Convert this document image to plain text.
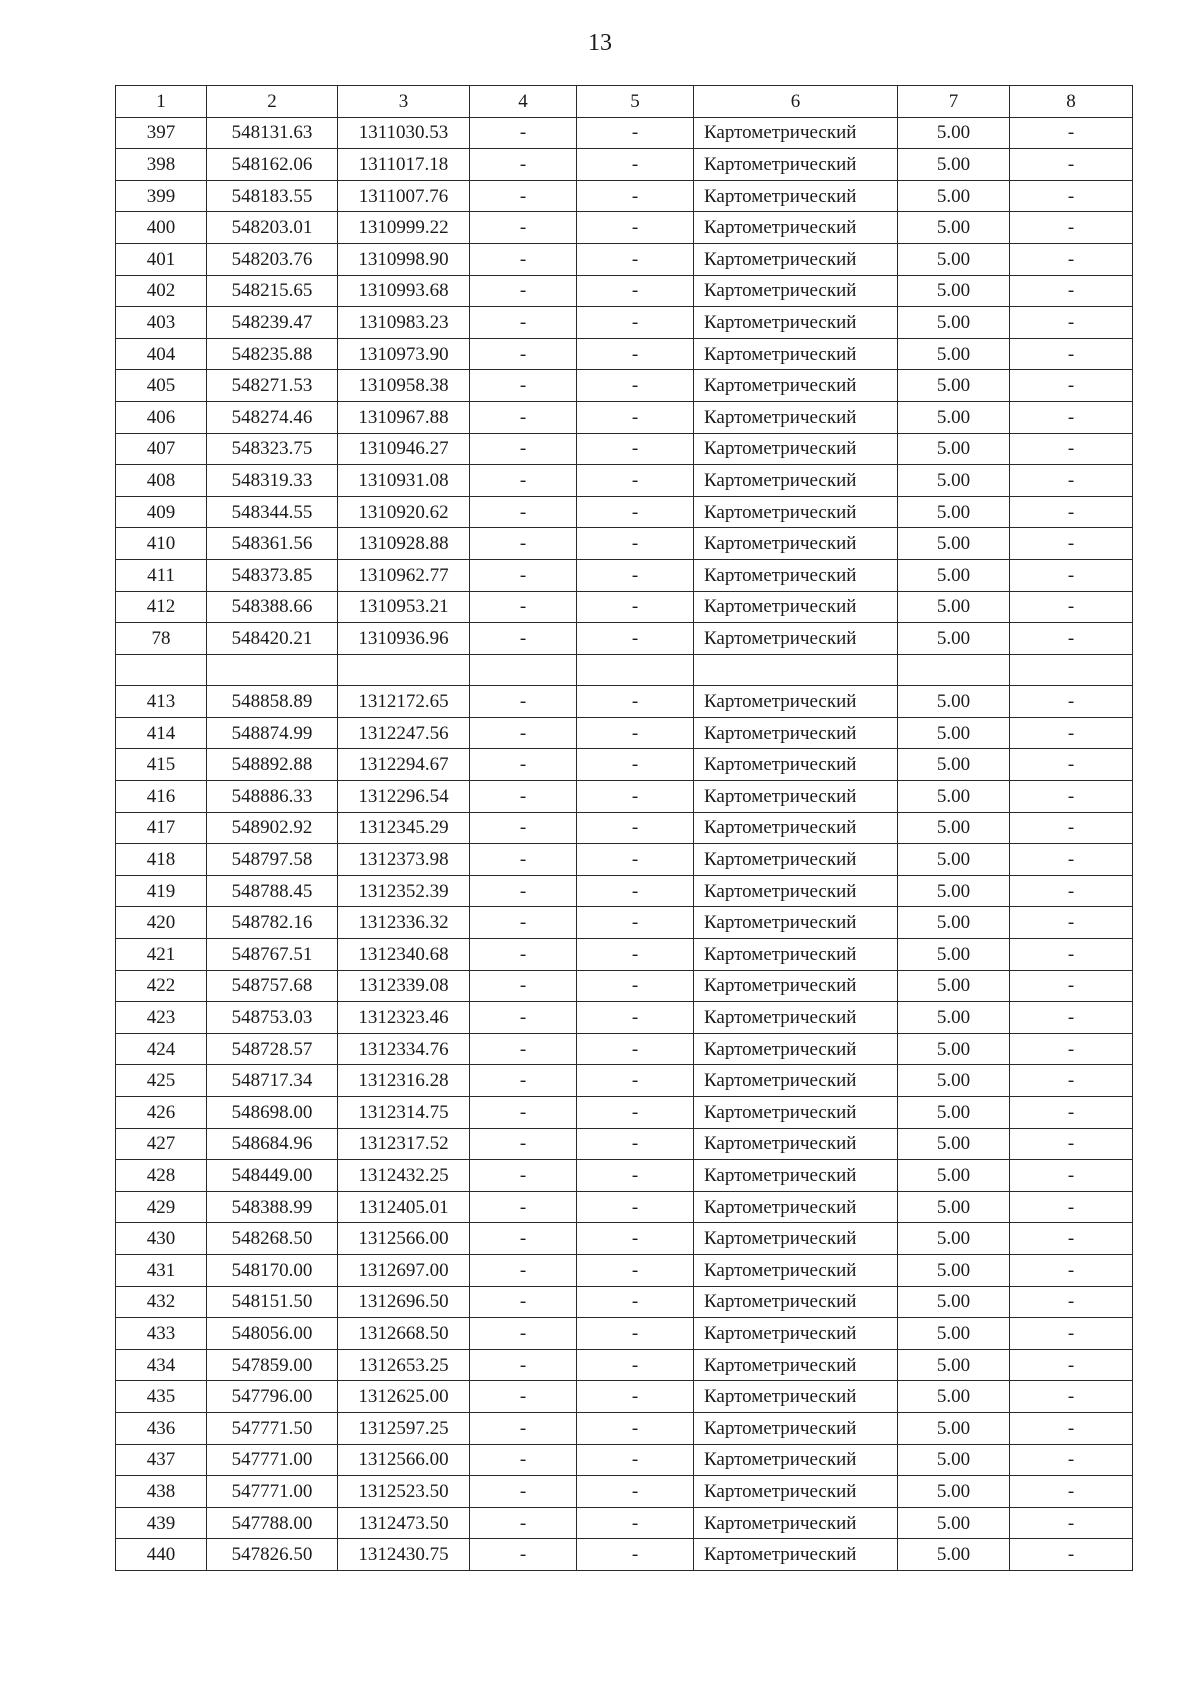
13
1	2	3	4	5	6	7	8
397	548131.63	1311030.53	-	-	Картометрический	5.00	-
398	548162.06	1311017.18	-	-	Картометрический	5.00	-
399	548183.55	1311007.76	-	-	Картометрический	5.00	-
400	548203.01	1310999.22	-	-	Картометрический	5.00	-
401	548203.76	1310998.90	-	-	Картометрический	5.00	-
402	548215.65	1310993.68	-	-	Картометрический	5.00	-
403	548239.47	1310983.23	-	-	Картометрический	5.00	-
404	548235.88	1310973.90	-	-	Картометрический	5.00	-
405	548271.53	1310958.38	-	-	Картометрический	5.00	-
406	548274.46	1310967.88	-	-	Картометрический	5.00	-
407	548323.75	1310946.27	-	-	Картометрический	5.00	-
408	548319.33	1310931.08	-	-	Картометрический	5.00	-
409	548344.55	1310920.62	-	-	Картометрический	5.00	-
410	548361.56	1310928.88	-	-	Картометрический	5.00	-
411	548373.85	1310962.77	-	-	Картометрический	5.00	-
412	548388.66	1310953.21	-	-	Картометрический	5.00	-
78	548420.21	1310936.96	-	-	Картометрический	5.00	-

413	548858.89	1312172.65	-	-	Картометрический	5.00	-
414	548874.99	1312247.56	-	-	Картометрический	5.00	-
415	548892.88	1312294.67	-	-	Картометрический	5.00	-
416	548886.33	1312296.54	-	-	Картометрический	5.00	-
417	548902.92	1312345.29	-	-	Картометрический	5.00	-
418	548797.58	1312373.98	-	-	Картометрический	5.00	-
419	548788.45	1312352.39	-	-	Картометрический	5.00	-
420	548782.16	1312336.32	-	-	Картометрический	5.00	-
421	548767.51	1312340.68	-	-	Картометрический	5.00	-
422	548757.68	1312339.08	-	-	Картометрический	5.00	-
423	548753.03	1312323.46	-	-	Картометрический	5.00	-
424	548728.57	1312334.76	-	-	Картометрический	5.00	-
425	548717.34	1312316.28	-	-	Картометрический	5.00	-
426	548698.00	1312314.75	-	-	Картометрический	5.00	-
427	548684.96	1312317.52	-	-	Картометрический	5.00	-
428	548449.00	1312432.25	-	-	Картометрический	5.00	-
429	548388.99	1312405.01	-	-	Картометрический	5.00	-
430	548268.50	1312566.00	-	-	Картометрический	5.00	-
431	548170.00	1312697.00	-	-	Картометрический	5.00	-
432	548151.50	1312696.50	-	-	Картометрический	5.00	-
433	548056.00	1312668.50	-	-	Картометрический	5.00	-
434	547859.00	1312653.25	-	-	Картометрический	5.00	-
435	547796.00	1312625.00	-	-	Картометрический	5.00	-
436	547771.50	1312597.25	-	-	Картометрический	5.00	-
437	547771.00	1312566.00	-	-	Картометрический	5.00	-
438	547771.00	1312523.50	-	-	Картометрический	5.00	-
439	547788.00	1312473.50	-	-	Картометрический	5.00	-
440	547826.50	1312430.75	-	-	Картометрический	5.00	-
